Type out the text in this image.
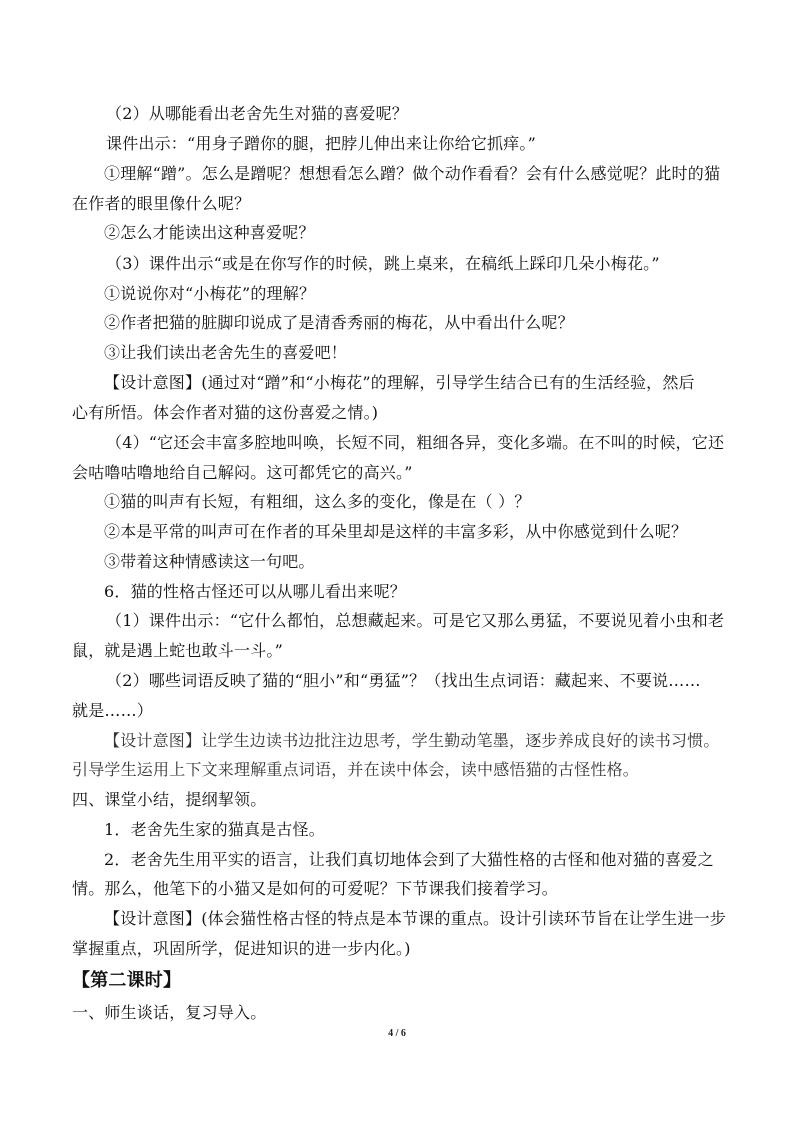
（2）从哪能看出老舍先生对猫的喜爱呢？
课件出示：“用身子蹭你的腿，把脖儿伸出来让你给它抓痒。”
①理解“蹭”。怎么是蹭呢？想想看怎么蹭？做个动作看看？会有什么感觉呢？此时的猫
在作者的眼里像什么呢？
②怎么才能读出这种喜爱呢？
（3）课件出示“或是在你写作的时候，跳上桌来，在稿纸上踩印几朵小梅花。”
①说说你对“小梅花”的理解？
②作者把猫的脏脚印说成了是清香秀丽的梅花，从中看出什么呢？
③让我们读出老舍先生的喜爱吧！
【设计意图】(通过对“蹭”和“小梅花”的理解，引导学生结合已有的生活经验，然后
心有所悟。体会作者对猫的这份喜爱之情。)
（4）“它还会丰富多腔地叫唤，长短不同，粗细各异，变化多端。在不叫的时候，它还
会咕噜咕噜地给自己解闷。这可都凭它的高兴。”
①猫的叫声有长短，有粗细，这么多的变化，像是在（ ）？
②本是平常的叫声可在作者的耳朵里却是这样的丰富多彩，从中你感觉到什么呢？
③带着这种情感读这一句吧。
6．猫的性格古怪还可以从哪儿看出来呢？
（1）课件出示：“它什么都怕，总想藏起来。可是它又那么勇猛，不要说见着小虫和老
鼠，就是遇上蛇也敢斗一斗。”
（2）哪些词语反映了猫的“胆小”和“勇猛”？（找出生点词语：藏起来、不要说……
就是……）
【设计意图】让学生边读书边批注边思考，学生勤动笔墨，逐步养成良好的读书习惯。
引导学生运用上下文来理解重点词语，并在读中体会，读中感悟猫的古怪性格。
四、课堂小结，提纲挈领。
1．老舍先生家的猫真是古怪。
2．老舍先生用平实的语言，让我们真切地体会到了大猫性格的古怪和他对猫的喜爱之
情。那么，他笔下的小猫又是如何的可爱呢？下节课我们接着学习。
【设计意图】(体会猫性格古怪的特点是本节课的重点。设计引读环节旨在让学生进一步
掌握重点，巩固所学，促进知识的进一步内化。)
【第二课时】
一、师生谈话，复习导入。
4 / 6
